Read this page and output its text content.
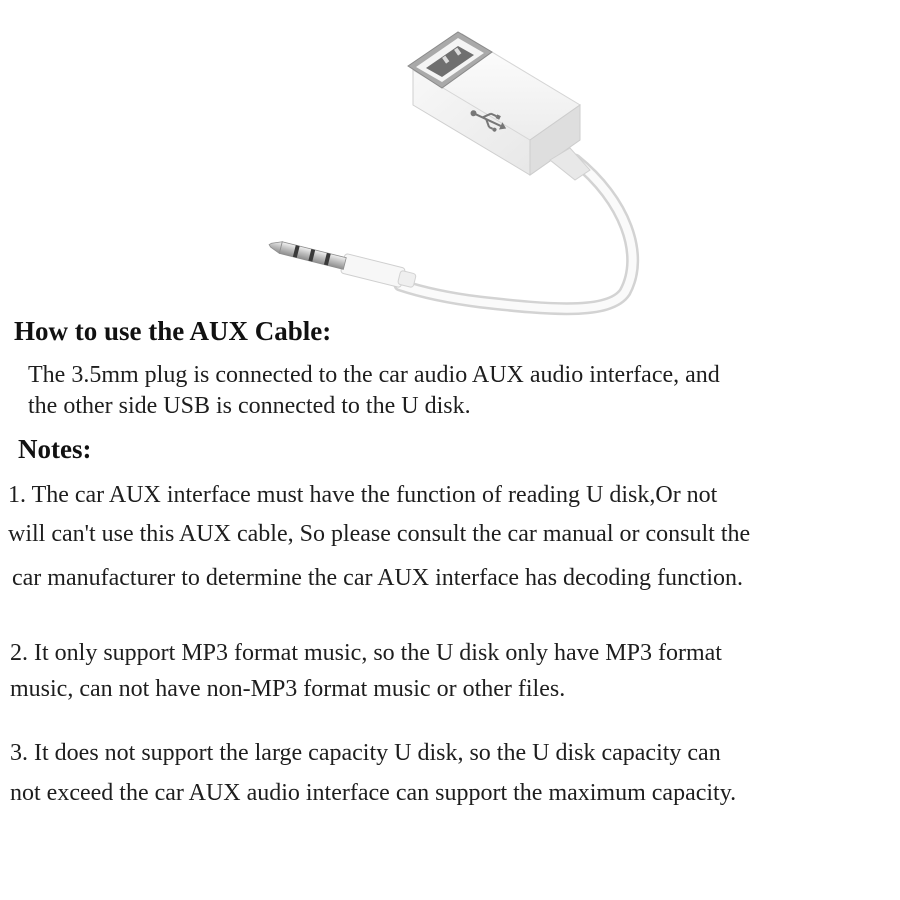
How to use the AUX Cable:

The 3.5mm plug is connected to the car audio AUX audio interface, and

the other side USB is connected to the U disk.

Notes:

1. The car AUX interface must have the function of reading U disk,Or not

will can't use this AUX cable, So please consult the car manual or consult the

car manufacturer to determine the car AUX interface has decoding function.

2. It only support MP3 format music, so the U disk only have MP3 format

music, can not have non-MP3 format music or other files.

3. It does not support the large capacity U disk, so the U disk capacity can

not exceed the car AUX audio interface can support the maximum capacity.
